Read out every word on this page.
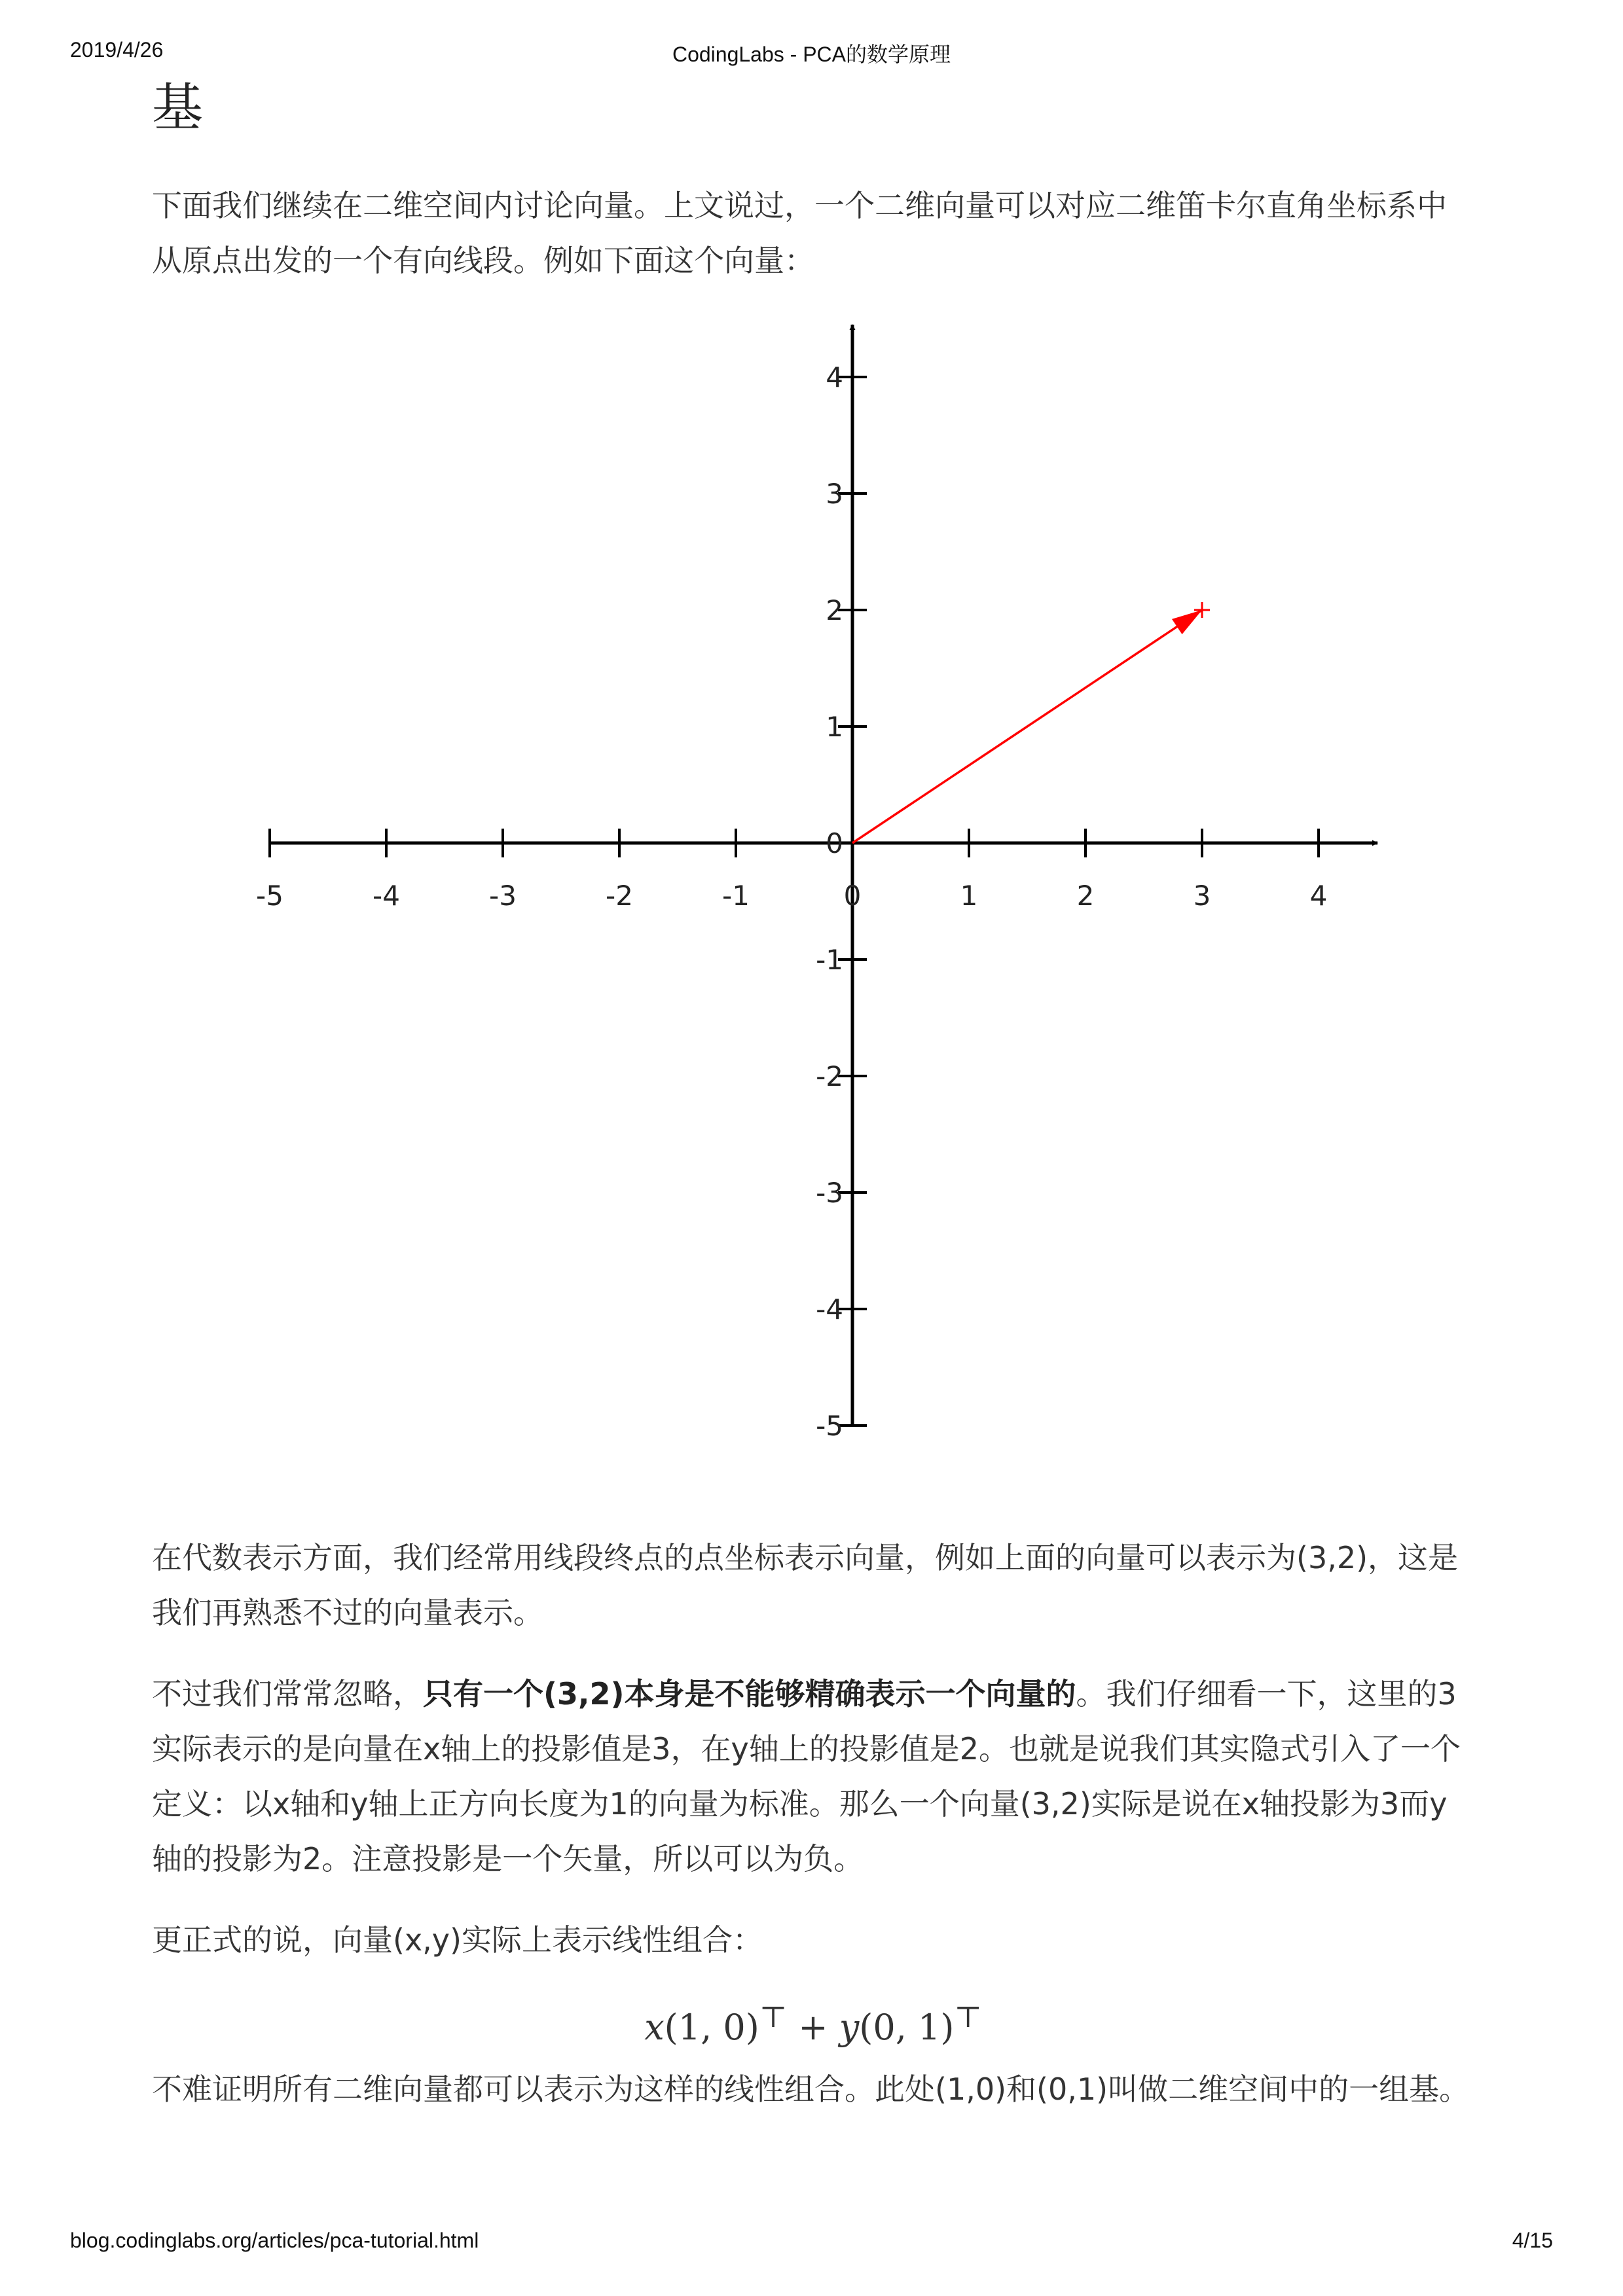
2019/4/26	CodingLabs - PCA的数学原理
基

下面我们继续在二维空间内讨论向量。上文说过，一个二维向量可以对应二维笛卡尔直角坐标系中从原点出发的一个有向线段。例如下面这个向量：

-5	-4	-3	-2	-1	0	1	2	3	4
-5
-4
-3
-2
-1
0
1
2
3
4

在代数表示方面，我们经常用线段终点的点坐标表示向量，例如上面的向量可以表示为(3,2)，这是我们再熟悉不过的向量表示。

不过我们常常忽略，只有一个(3,2)本身是不能够精确表示一个向量的。我们仔细看一下，这里的3实际表示的是向量在x轴上的投影值是3，在y轴上的投影值是2。也就是说我们其实隐式引入了一个定义：以x轴和y轴上正方向长度为1的向量为标准。那么一个向量(3,2)实际是说在x轴投影为3而y轴的投影为2。注意投影是一个矢量，所以可以为负。

更正式的说，向量(x,y)实际上表示线性组合：

x(1, 0)⊤ + y(0, 1)⊤

不难证明所有二维向量都可以表示为这样的线性组合。此处(1,0)和(0,1)叫做二维空间中的一组基。

blog.codinglabs.org/articles/pca-tutorial.html	4/15
